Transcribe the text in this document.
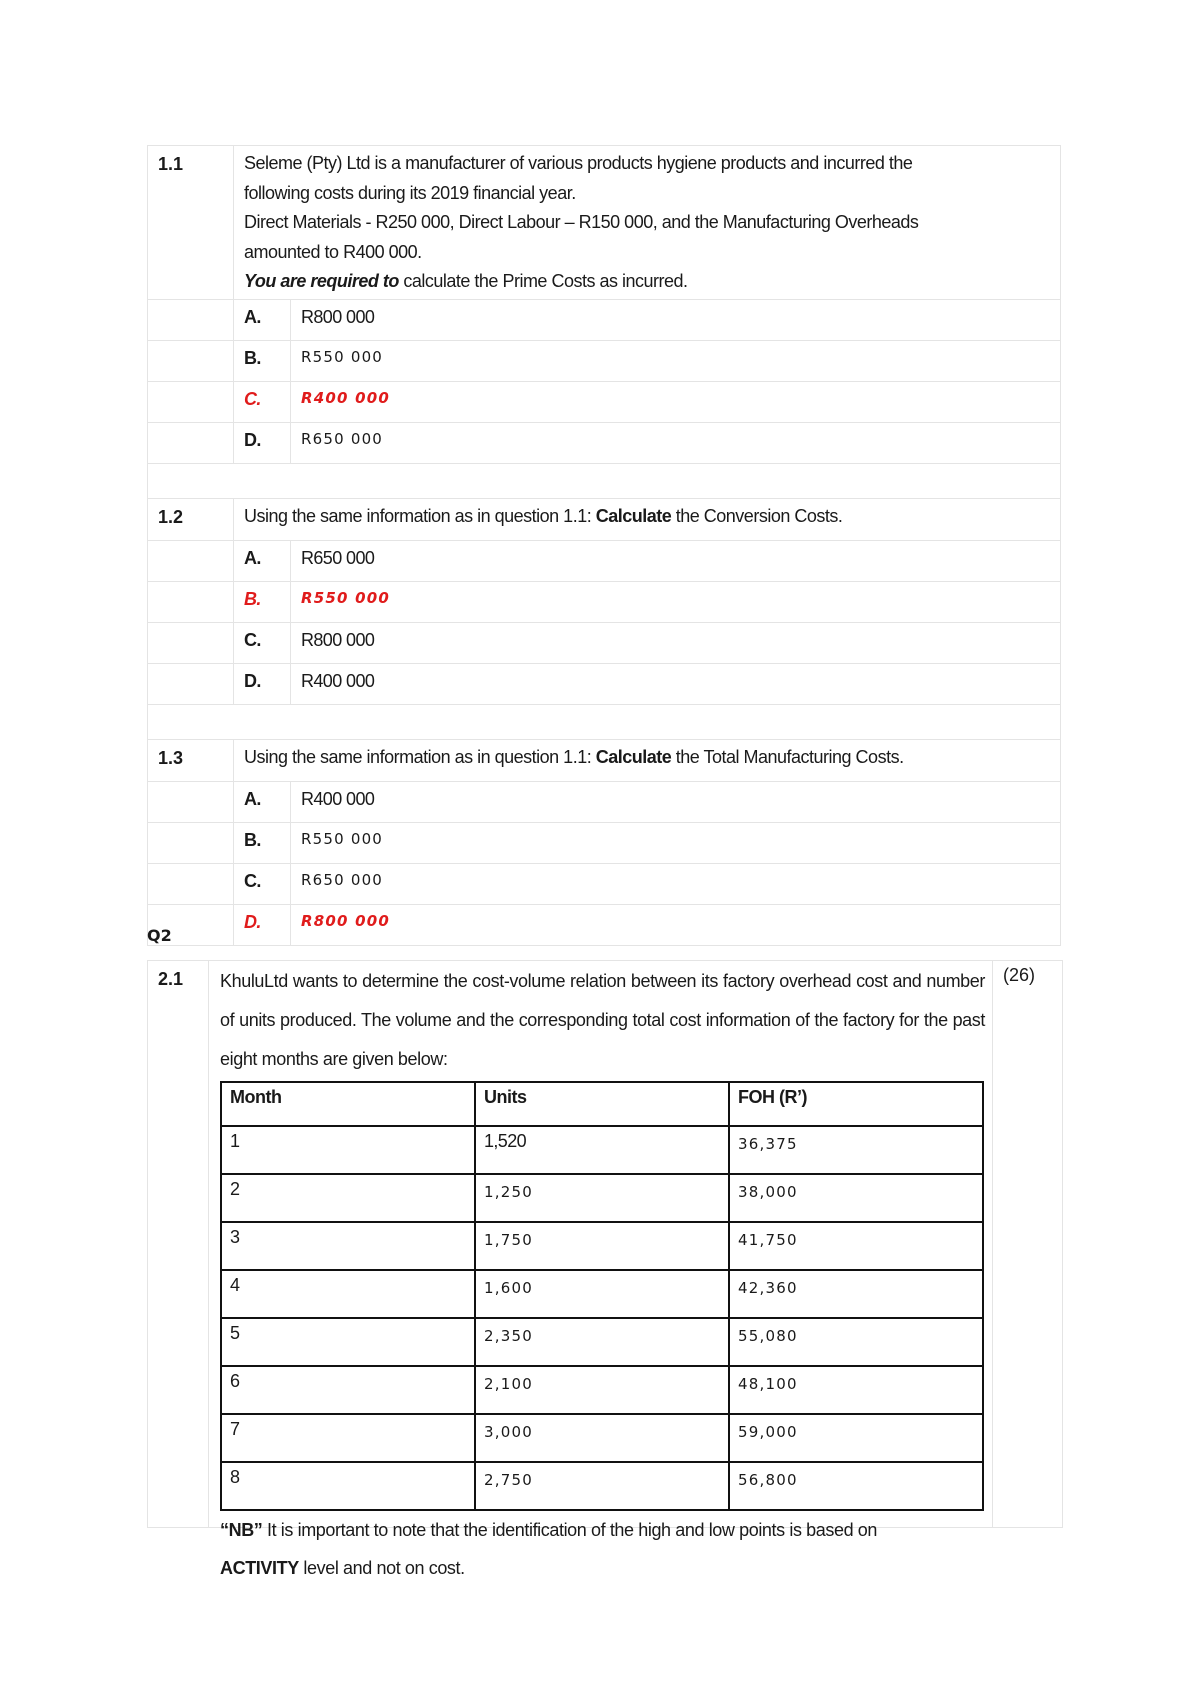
1.1	Seleme (Pty) Ltd is a manufacturer of various products hygiene products and incurred the
following costs during its 2019 financial year.
Direct Materials - R250 000, Direct Labour – R150 000, and the Manufacturing Overheads
amounted to R400 000.
You are required to calculate the Prime Costs as incurred.	

	A.	R800 000
	B.	R550 000
	C.	R400 000
	D.	R650 000

1.2	Using the same information as in question 1.1: Calculate the Conversion Costs.	
	A.	R650 000
	B.	R550 000
	C.	R800 000
	D.	R400 000

1.3	Using the same information as in question 1.1: Calculate the Total Manufacturing Costs.	
	A.	R400 000
	B.	R550 000
	C.	R650 000
	D.	R800 000
Q2
2.1	KhuluLtd wants to determine the cost-volume relation between its factory overhead cost and number of units produced. The volume and the corresponding total cost information of the factory for the past eight months are given below:
Month	Units	FOH (R’)
1	1,520	36,375
2	1,250	38,000
3	1,750	41,750
4	1,600	42,360
5	2,350	55,080
6	2,100	48,100
7	3,000	59,000
8	2,750	56,800
“NB” It is important to note that the identification of the high and low points is based on
ACTIVITY level and not on cost.
(26)
